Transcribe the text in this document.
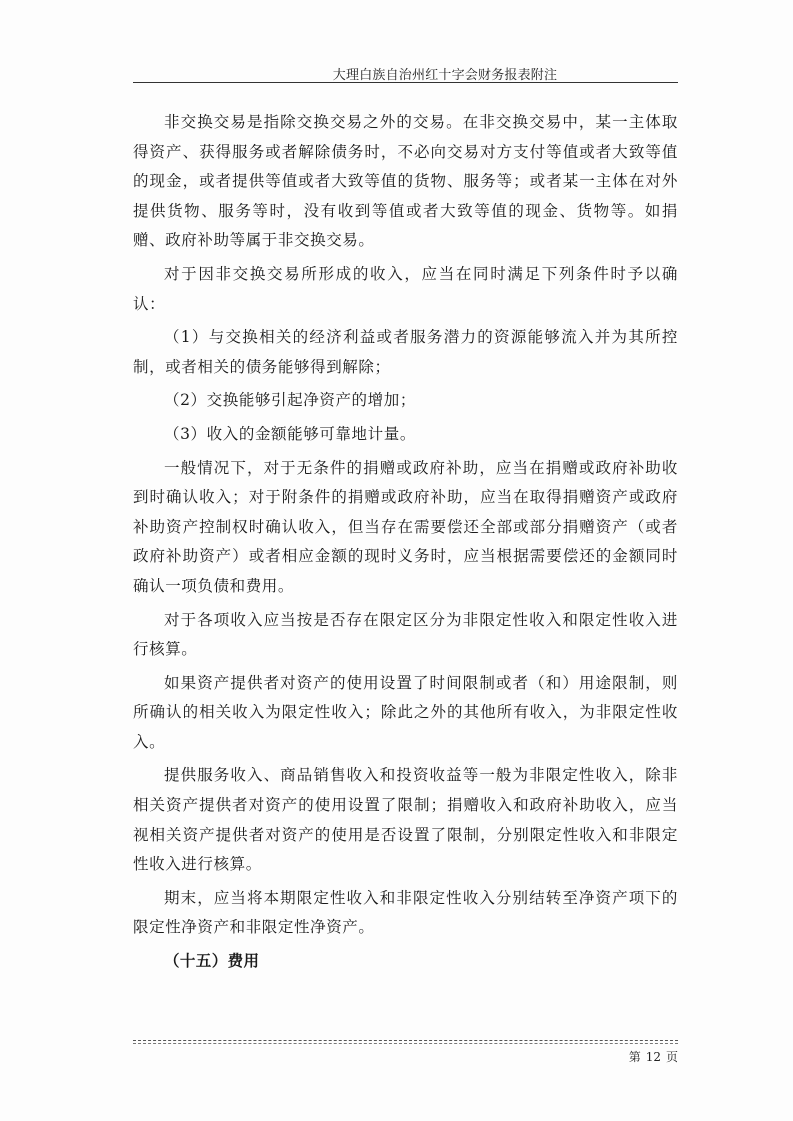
大理白族自治州红十字会财务报表附注

非交换交易是指除交换交易之外的交易。在非交换交易中，某一主体取得资产、获得服务或者解除债务时，不必向交易对方支付等值或者大致等值的现金，或者提供等值或者大致等值的货物、服务等；或者某一主体在对外提供货物、服务等时，没有收到等值或者大致等值的现金、货物等。如捐赠、政府补助等属于非交换交易。

对于因非交换交易所形成的收入，应当在同时满足下列条件时予以确认：

（1）与交换相关的经济利益或者服务潜力的资源能够流入并为其所控制，或者相关的债务能够得到解除；

（2）交换能够引起净资产的增加；

（3）收入的金额能够可靠地计量。

一般情况下，对于无条件的捐赠或政府补助，应当在捐赠或政府补助收到时确认收入；对于附条件的捐赠或政府补助，应当在取得捐赠资产或政府补助资产控制权时确认收入，但当存在需要偿还全部或部分捐赠资产（或者政府补助资产）或者相应金额的现时义务时，应当根据需要偿还的金额同时确认一项负债和费用。

对于各项收入应当按是否存在限定区分为非限定性收入和限定性收入进行核算。

如果资产提供者对资产的使用设置了时间限制或者（和）用途限制，则所确认的相关收入为限定性收入；除此之外的其他所有收入，为非限定性收入。

提供服务收入、商品销售收入和投资收益等一般为非限定性收入，除非相关资产提供者对资产的使用设置了限制；捐赠收入和政府补助收入，应当视相关资产提供者对资产的使用是否设置了限制，分别限定性收入和非限定性收入进行核算。

期末，应当将本期限定性收入和非限定性收入分别结转至净资产项下的限定性净资产和非限定性净资产。

（十五）费用

第 12 页
